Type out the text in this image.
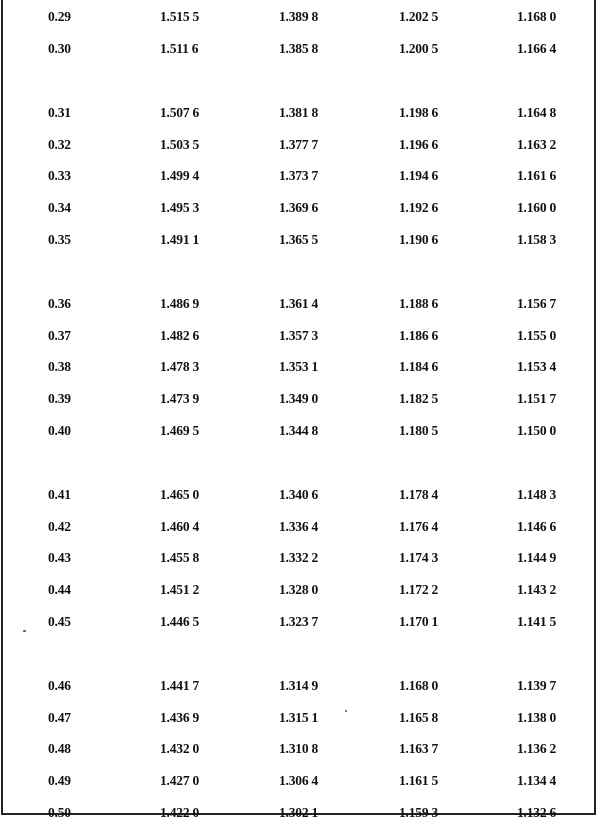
0.29	1.515 5	1.389 8	1.202 5	1.168 0
0.30	1.511 6	1.385 8	1.200 5	1.166 4
0.31	1.507 6	1.381 8	1.198 6	1.164 8
0.32	1.503 5	1.377 7	1.196 6	1.163 2
0.33	1.499 4	1.373 7	1.194 6	1.161 6
0.34	1.495 3	1.369 6	1.192 6	1.160 0
0.35	1.491 1	1.365 5	1.190 6	1.158 3
0.36	1.486 9	1.361 4	1.188 6	1.156 7
0.37	1.482 6	1.357 3	1.186 6	1.155 0
0.38	1.478 3	1.353 1	1.184 6	1.153 4
0.39	1.473 9	1.349 0	1.182 5	1.151 7
0.40	1.469 5	1.344 8	1.180 5	1.150 0
0.41	1.465 0	1.340 6	1.178 4	1.148 3
0.42	1.460 4	1.336 4	1.176 4	1.146 6
0.43	1.455 8	1.332 2	1.174 3	1.144 9
0.44	1.451 2	1.328 0	1.172 2	1.143 2
0.45	1.446 5	1.323 7	1.170 1	1.141 5
0.46	1.441 7	1.314 9	1.168 0	1.139 7
0.47	1.436 9	1.315 1	1.165 8	1.138 0
0.48	1.432 0	1.310 8	1.163 7	1.136 2
0.49	1.427 0	1.306 4	1.161 5	1.134 4
0.50	1.422 0	1.302 1	1.159 3	1.132 6
